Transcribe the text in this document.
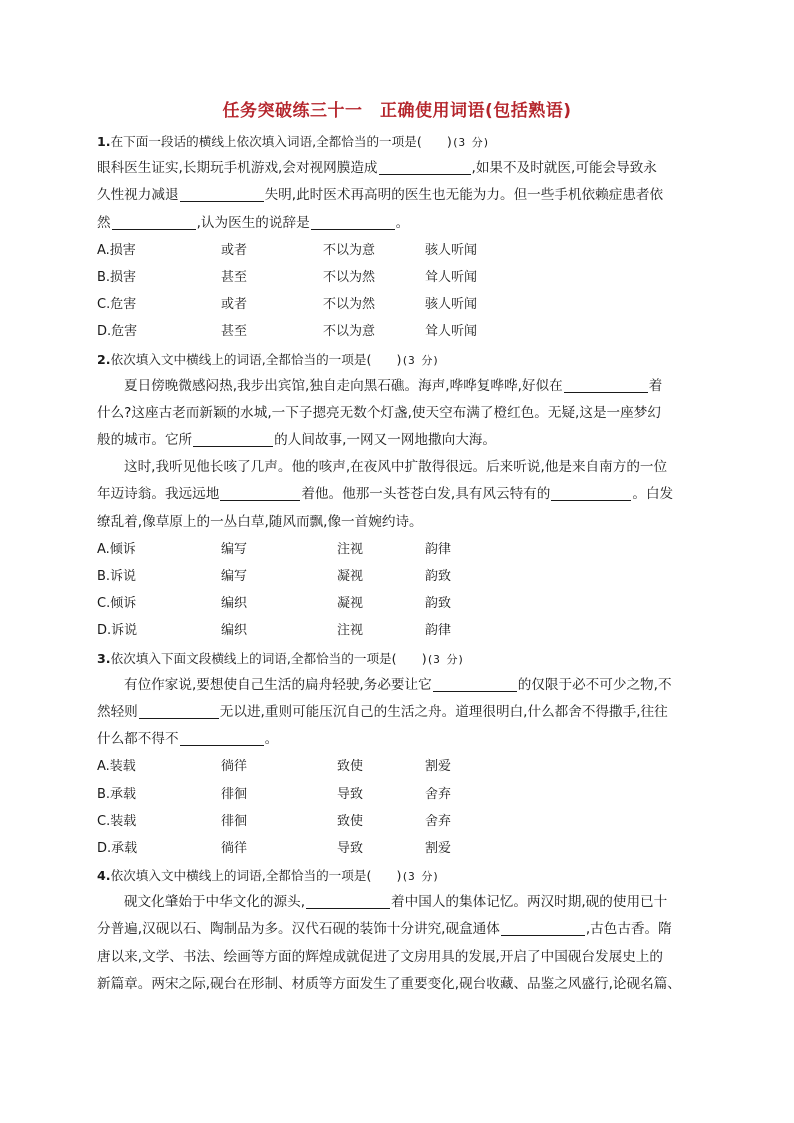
任务突破练三十一　正确使用词语(包括熟语)
1.在下面一段话的横线上依次填入词语,全都恰当的一项是(　　)(3 分)
眼科医生证实,长期玩手机游戏,会对视网膜造成	,如果不及时就医,可能会导致永
久性视力减退	失明,此时医术再高明的医生也无能为力。但一些手机依赖症患者依
然	,认为医生的说辞是	。
A.损害	或者	不以为意	骇人听闻
B.损害	甚至	不以为然	耸人听闻
C.危害	或者	不以为然	骇人听闻
D.危害	甚至	不以为意	耸人听闻
2.依次填入文中横线上的词语,全都恰当的一项是(　　)(3 分)
夏日傍晚微感闷热,我步出宾馆,独自走向黑石礁。海声,哗哗复哗哗,好似在	着
什么?这座古老而新颖的水城,一下子摁亮无数个灯盏,使天空布满了橙红色。无疑,这是一座梦幻
般的城市。它所	的人间故事,一网又一网地撒向大海。
这时,我听见他长咳了几声。他的咳声,在夜风中扩散得很远。后来听说,他是来自南方的一位
年迈诗翁。我远远地	着他。他那一头苍苍白发,具有风云特有的	。白发
缭乱着,像草原上的一丛白草,随风而飘,像一首婉约诗。
A.倾诉	编写	注视	韵律
B.诉说	编写	凝视	韵致
C.倾诉	编织	凝视	韵致
D.诉说	编织	注视	韵律
3.依次填入下面文段横线上的词语,全都恰当的一项是(　　)(3 分)
有位作家说,要想使自己生活的扁舟轻驶,务必要让它	的仅限于必不可少之物,不
然轻则	无以进,重则可能压沉自己的生活之舟。道理很明白,什么都舍不得撒手,往往
什么都不得不	。
A.装载	徜徉	致使	割爱
B.承载	徘徊	导致	舍弃
C.装载	徘徊	致使	舍弃
D.承载	徜徉	导致	割爱
4.依次填入文中横线上的词语,全都恰当的一项是(　　)(3 分)
砚文化肇始于中华文化的源头,	着中国人的集体记忆。两汉时期,砚的使用已十
分普遍,汉砚以石、陶制品为多。汉代石砚的装饰十分讲究,砚盒通体	,古色古香。隋
唐以来,文学、书法、绘画等方面的辉煌成就促进了文房用具的发展,开启了中国砚台发展史上的
新篇章。两宋之际,砚台在形制、材质等方面发生了重要变化,砚台收藏、品鉴之风盛行,论砚名篇、
